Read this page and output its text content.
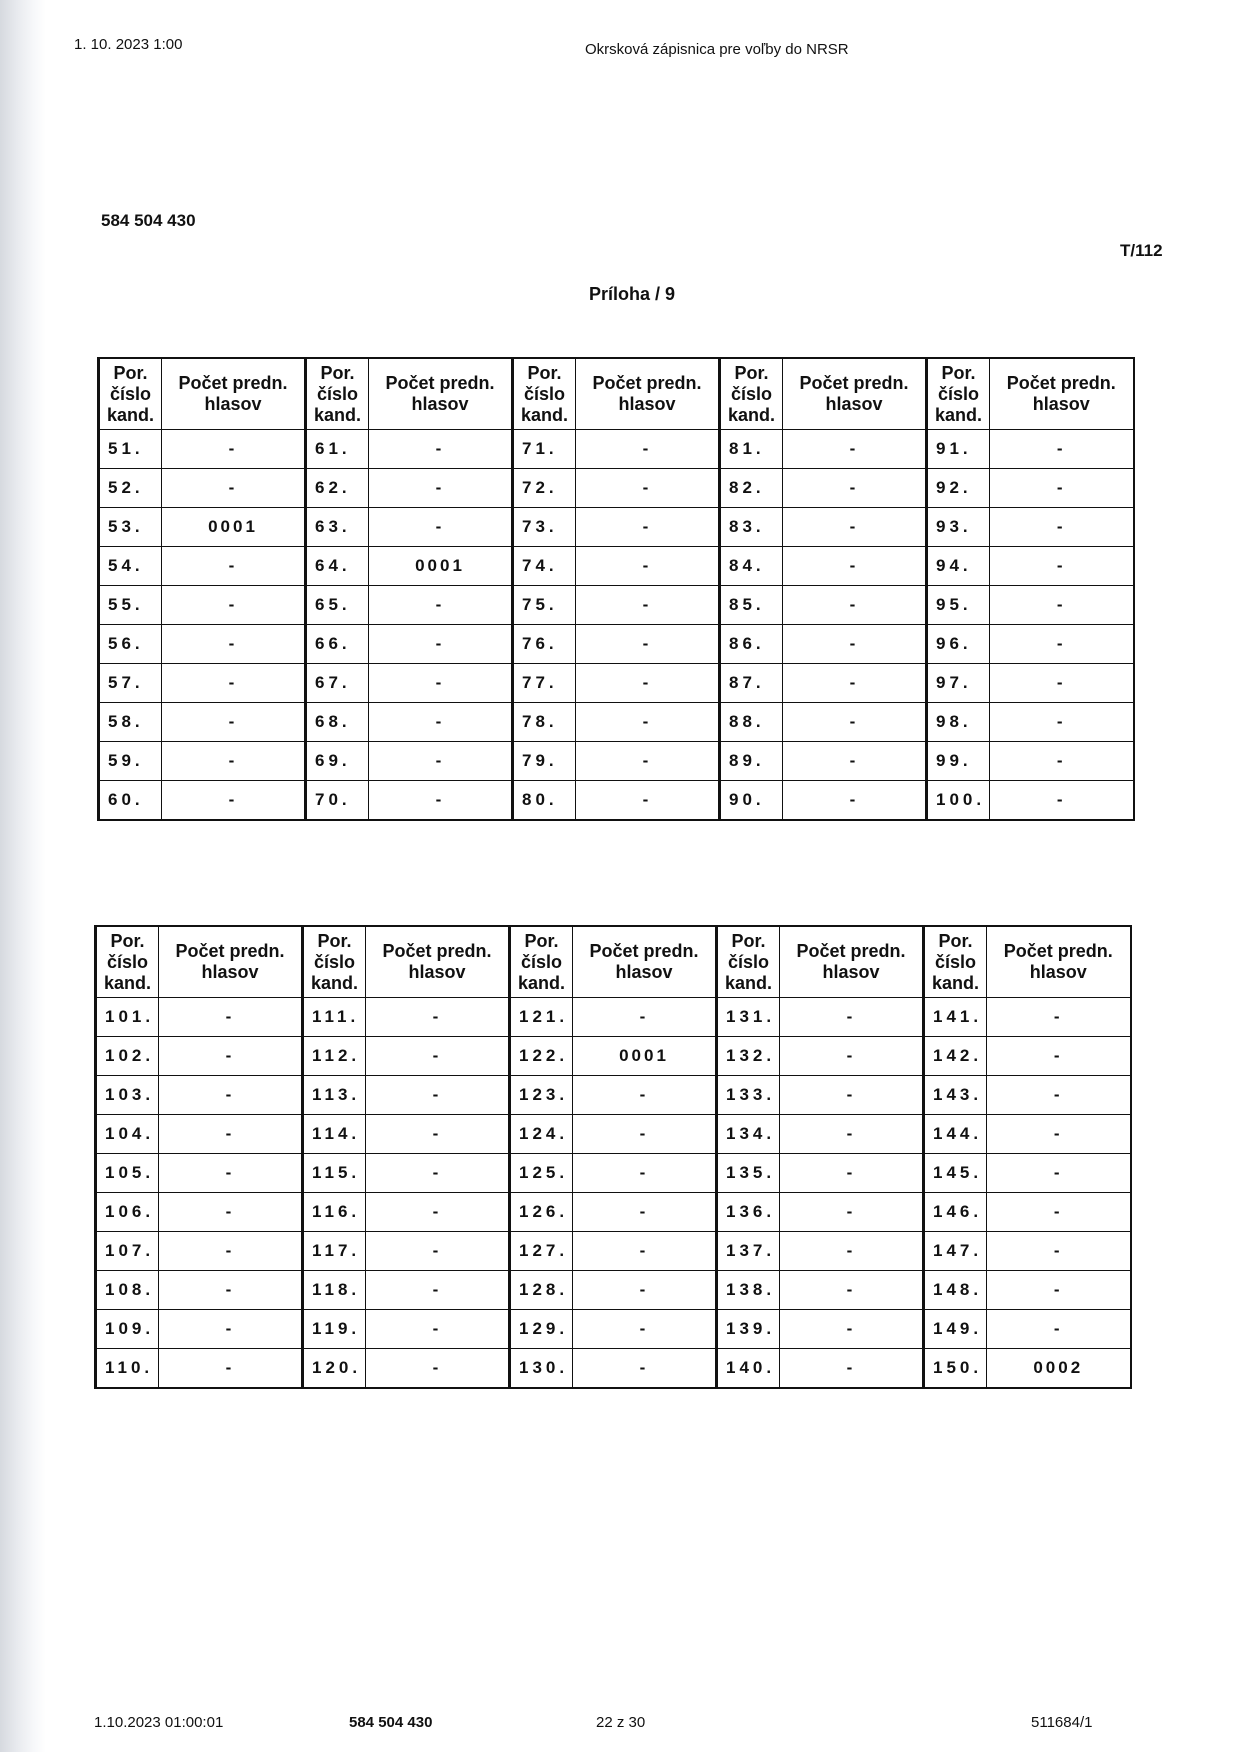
1. 10. 2023 1:00	Okrsková zápisnica pre voľby do NRSR
584 504 430
T/112
Príloha / 9
Por.
číslo
kand.	Počet predn.
hlasov	Por.
číslo
kand.	Počet predn.
hlasov	Por.
číslo
kand.	Počet predn.
hlasov	Por.
číslo
kand.	Počet predn.
hlasov	Por.
číslo
kand.	Počet predn.
hlasov
51.	-	61.	-	71.	-	81.	-	91.	-
52.	-	62.	-	72.	-	82.	-	92.	-
53.	0001	63.	-	73.	-	83.	-	93.	-
54.	-	64.	0001	74.	-	84.	-	94.	-
55.	-	65.	-	75.	-	85.	-	95.	-
56.	-	66.	-	76.	-	86.	-	96.	-
57.	-	67.	-	77.	-	87.	-	97.	-
58.	-	68.	-	78.	-	88.	-	98.	-
59.	-	69.	-	79.	-	89.	-	99.	-
60.	-	70.	-	80.	-	90.	-	100.	-
Por.
číslo
kand.	Počet predn.
hlasov	Por.
číslo
kand.	Počet predn.
hlasov	Por.
číslo
kand.	Počet predn.
hlasov	Por.
číslo
kand.	Počet predn.
hlasov	Por.
číslo
kand.	Počet predn.
hlasov
101.	-	111.	-	121.	-	131.	-	141.	-
102.	-	112.	-	122.	0001	132.	-	142.	-
103.	-	113.	-	123.	-	133.	-	143.	-
104.	-	114.	-	124.	-	134.	-	144.	-
105.	-	115.	-	125.	-	135.	-	145.	-
106.	-	116.	-	126.	-	136.	-	146.	-
107.	-	117.	-	127.	-	137.	-	147.	-
108.	-	118.	-	128.	-	138.	-	148.	-
109.	-	119.	-	129.	-	139.	-	149.	-
110.	-	120.	-	130.	-	140.	-	150.	0002
1.10.2023 01:00:01	584 504 430	22 z 30	511684/1
